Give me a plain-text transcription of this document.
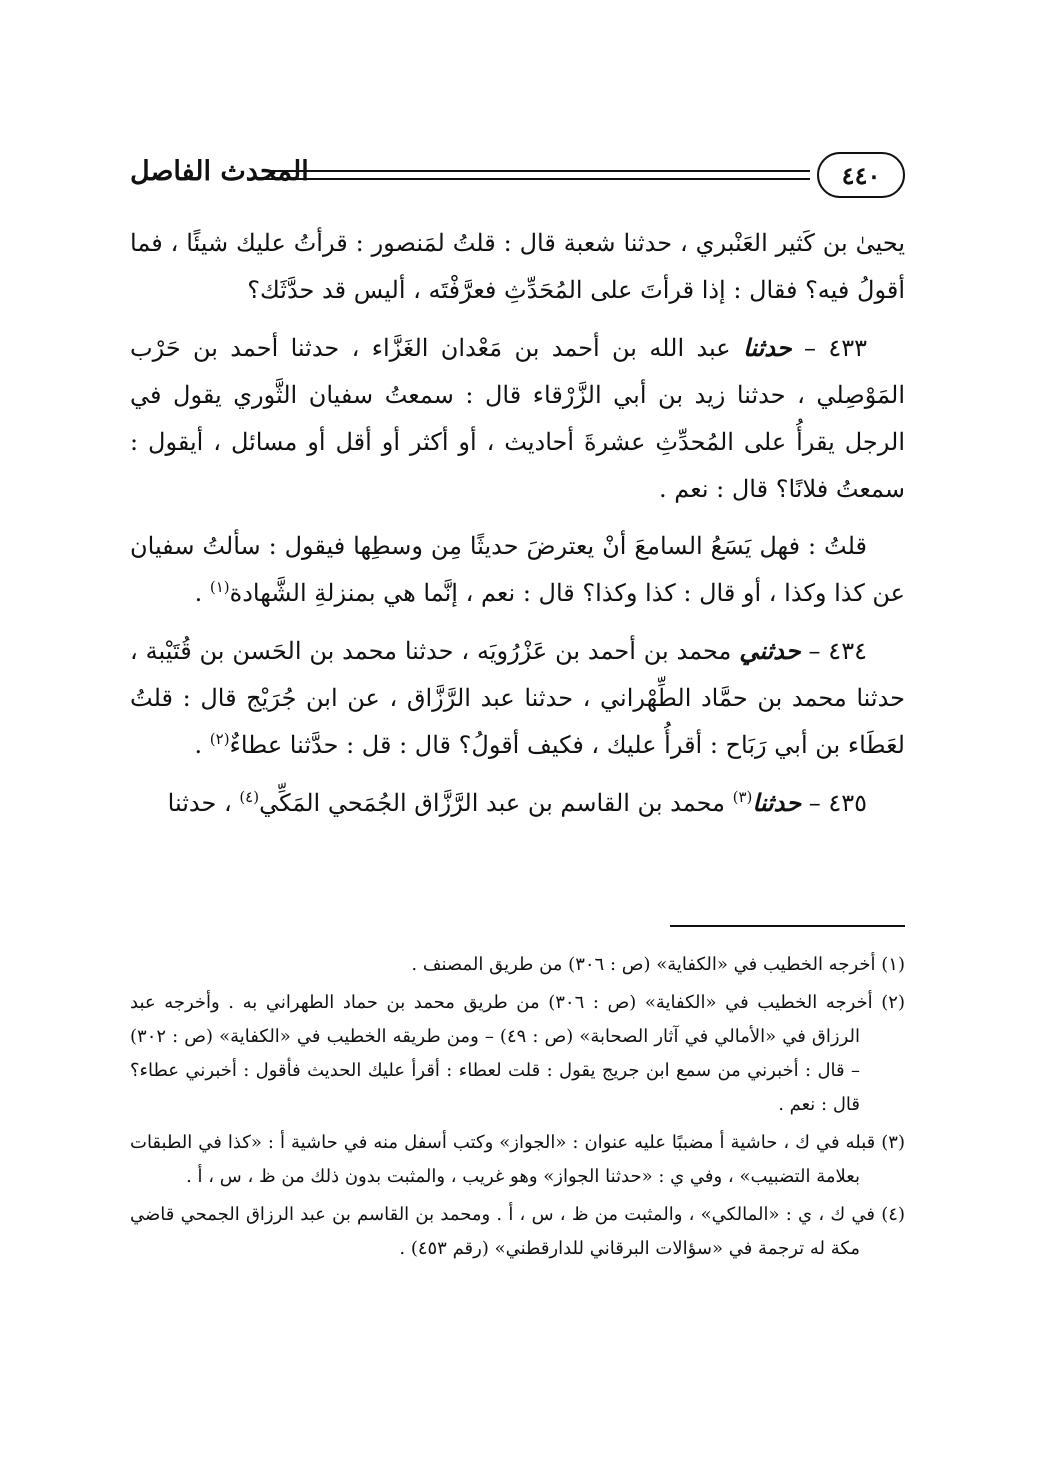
٤٤٠
المحدث الفاصل

يحيىٰ بن كَثير العَنْبري ، حدثنا شعبة قال : قلتُ لمَنصور : قرأتُ عليك شيئًا ، فما أقولُ فيه؟ فقال : إذا قرأتَ على المُحَدِّثِ فعرَّفْتَه ، أليس قد حدَّثَك؟

٤٣٣ – حدثنا عبد الله بن أحمد بن مَعْدان الغَزَّاء ، حدثنا أحمد بن حَرْب المَوْصِلي ، حدثنا زيد بن أبي الزَّرْقاء قال : سمعتُ سفيان الثَّوري يقول في الرجل يقرأُ على المُحدِّثِ عشرةَ أحاديث ، أو أكثر أو أقل أو مسائل ، أيقول : سمعتُ فلانًا؟ قال : نعم .

قلتُ : فهل يَسَعُ السامعَ أنْ يعترضَ حديثًا مِن وسطِها فيقول : سألتُ سفيان عن كذا وكذا ، أو قال : كذا وكذا؟ قال : نعم ، إنَّما هي بمنزلةِ الشَّهادة$^{(١)}$ .

٤٣٤ – حدثني محمد بن أحمد بن عَزْرُويَه ، حدثنا محمد بن الحَسن بن قُتَيْبة ، حدثنا محمد بن حمَّاد الطِّهْراني ، حدثنا عبد الرَّزَّاق ، عن ابن جُرَيْج قال : قلتُ لعَطَاء بن أبي رَبَاح : أقرأُ عليك ، فكيف أقولُ؟ قال : قل : حدَّثنا عطاءٌ$^{(٢)}$ .

٤٣٥ – حدثنا$^{(٣)}$ محمد بن القاسم بن عبد الرَّزَّاق الجُمَحي المَكِّي$^{(٤)}$ ، حدثنا

(١) أخرجه الخطيب في «الكفاية» (ص : ٣٠٦) من طريق المصنف .

(٢) أخرجه الخطيب في «الكفاية» (ص : ٣٠٦) من طريق محمد بن حماد الطهراني به . وأخرجه عبد الرزاق في «الأمالي في آثار الصحابة» (ص : ٤٩) – ومن طريقه الخطيب في «الكفاية» (ص : ٣٠٢) – قال : أخبرني من سمع ابن جريج يقول : قلت لعطاء : أقرأ عليك الحديث فأقول : أخبرني عطاء؟ قال : نعم .

(٣) قبله في ك ، حاشية أ مضببًا عليه عنوان : «الجواز» وكتب أسفل منه في حاشية أ : «كذا في الطبقات بعلامة التضبيب» ، وفي ي : «حدثنا الجواز» وهو غريب ، والمثبت بدون ذلك من ظ ، س ، أ .

(٤) في ك ، ي : «المالكي» ، والمثبت من ظ ، س ، أ . ومحمد بن القاسم بن عبد الرزاق الجمحي قاضي مكة له ترجمة في «سؤالات البرقاني للدارقطني» (رقم ٤٥٣) .
